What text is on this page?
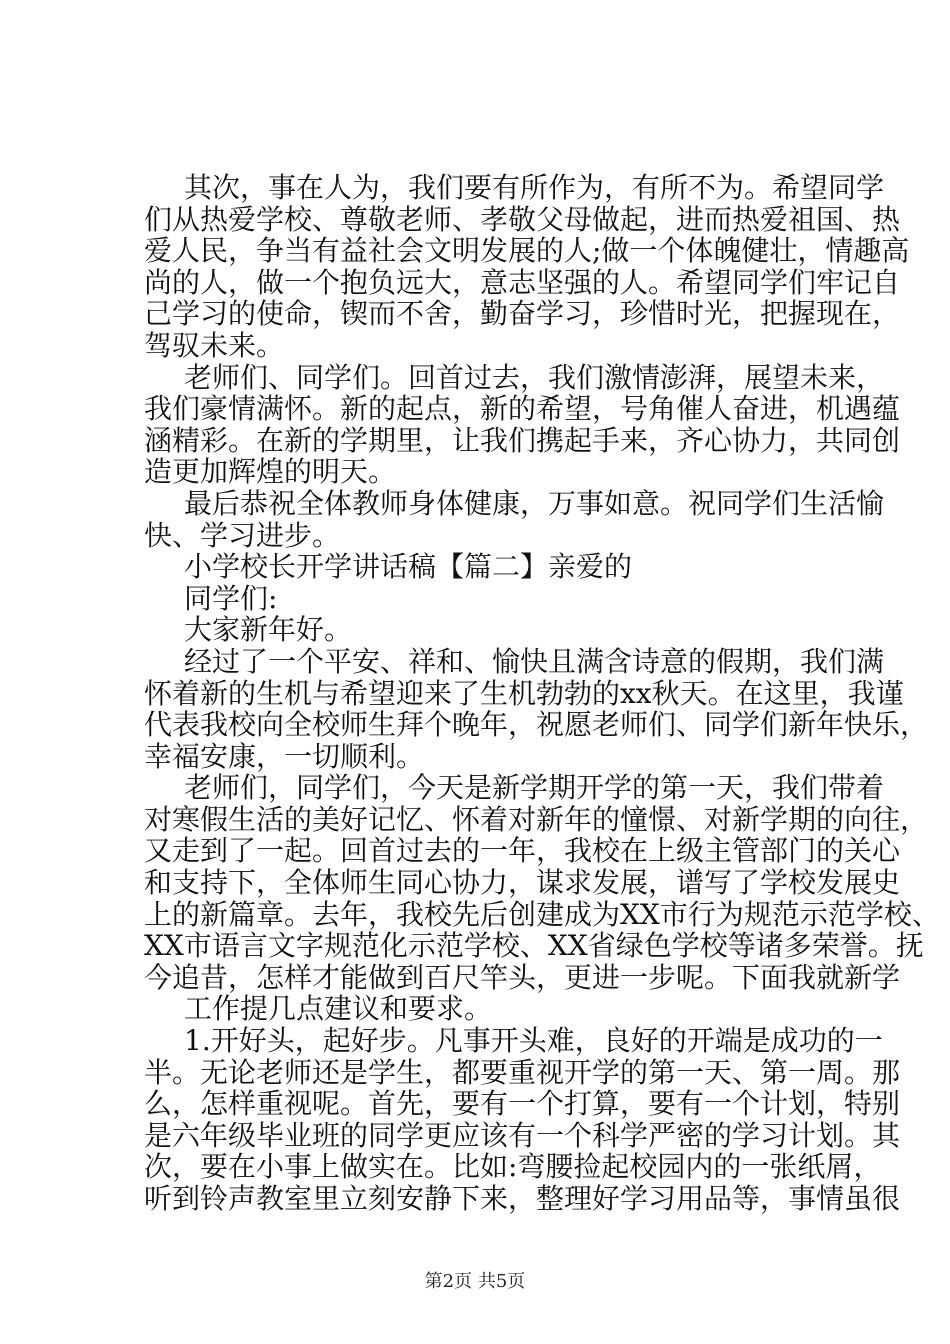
其次，事在人为，我们要有所作为，有所不为。希望同学
们从热爱学校、尊敬老师、孝敬父母做起，进而热爱祖国、热
爱人民，争当有益社会文明发展的人;做一个体魄健壮，情趣高
尚的人，做一个抱负远大，意志坚强的人。希望同学们牢记自
己学习的使命，锲而不舍，勤奋学习，珍惜时光，把握现在，
驾驭未来。
老师们、同学们。回首过去，我们激情澎湃，展望未来，
我们豪情满怀。新的起点，新的希望，号角催人奋进，机遇蕴
涵精彩。在新的学期里，让我们携起手来，齐心协力，共同创
造更加辉煌的明天。
最后恭祝全体教师身体健康，万事如意。祝同学们生活愉
快、学习进步。
小学校长开学讲话稿【篇二】亲爱的
同学们:
大家新年好。
经过了一个平安、祥和、愉快且满含诗意的假期，我们满
怀着新的生机与希望迎来了生机勃勃的xx秋天。在这里，我谨
代表我校向全校师生拜个晚年，祝愿老师们、同学们新年快乐，
幸福安康，一切顺利。
老师们，同学们，今天是新学期开学的第一天，我们带着
对寒假生活的美好记忆、怀着对新年的憧憬、对新学期的向往，
又走到了一起。回首过去的一年，我校在上级主管部门的关心
和支持下，全体师生同心协力，谋求发展，谱写了学校发展史
上的新篇章。去年，我校先后创建成为XX市行为规范示范学校、
XX市语言文字规范化示范学校、XX省绿色学校等诸多荣誉。抚
今追昔，怎样才能做到百尺竿头，更进一步呢。下面我就新学
工作提几点建议和要求。
1.开好头，起好步。凡事开头难，良好的开端是成功的一
半。无论老师还是学生，都要重视开学的第一天、第一周。那
么，怎样重视呢。首先，要有一个打算，要有一个计划，特别
是六年级毕业班的同学更应该有一个科学严密的学习计划。其
次，要在小事上做实在。比如:弯腰捡起校园内的一张纸屑，
听到铃声教室里立刻安静下来，整理好学习用品等，事情虽很
第2页 共5页
